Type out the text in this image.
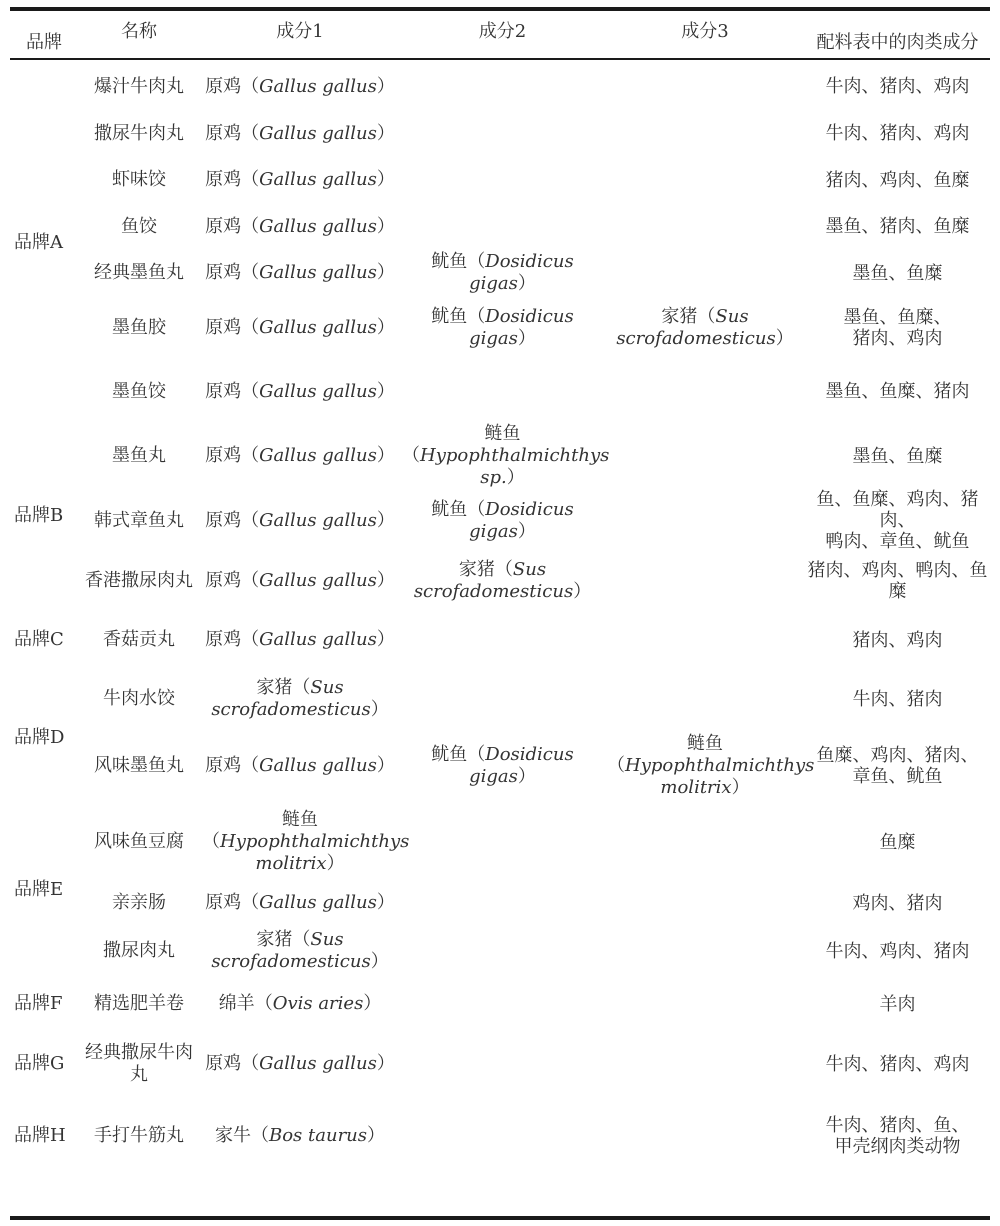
品牌	名称	成分1	成分2	成分3	配料表中的肉类成分
品牌A	爆汁牛肉丸	原鸡（Gallus gallus）			牛肉、猪肉、鸡肉
	撒尿牛肉丸	原鸡（Gallus gallus）			牛肉、猪肉、鸡肉
	虾味饺	原鸡（Gallus gallus）			猪肉、鸡肉、鱼糜
	鱼饺	原鸡（Gallus gallus）			墨鱼、猪肉、鱼糜
	经典墨鱼丸	原鸡（Gallus gallus）	鱿鱼（Dosidicus gigas）		墨鱼、鱼糜
	墨鱼胶	原鸡（Gallus gallus）	鱿鱼（Dosidicus gigas）	家猪（Sus scrofadomesticus）	墨鱼、鱼糜、
猪肉、鸡肉
	墨鱼饺	原鸡（Gallus gallus）			墨鱼、鱼糜、猪肉
品牌B	墨鱼丸	原鸡（Gallus gallus）	鲢鱼（Hypophthalmichthys sp.）		墨鱼、鱼糜
	韩式章鱼丸	原鸡（Gallus gallus）	鱿鱼（Dosidicus gigas）		鱼、鱼糜、鸡肉、猪肉、
鸭肉、章鱼、鱿鱼
	香港撒尿肉丸	原鸡（Gallus gallus）	家猪（Sus scrofadomesticus）		猪肉、鸡肉、鸭肉、鱼糜
品牌C	香菇贡丸	原鸡（Gallus gallus）			猪肉、鸡肉
品牌D	牛肉水饺	家猪（Sus scrofadomesticus）			牛肉、猪肉
	风味墨鱼丸	原鸡（Gallus gallus）	鱿鱼（Dosidicus gigas）	鲢鱼（Hypophthalmichthys molitrix）	鱼糜、鸡肉、猪肉、
章鱼、鱿鱼
品牌E	风味鱼豆腐	鲢鱼（Hypophthalmichthys molitrix）			鱼糜
	亲亲肠	原鸡（Gallus gallus）			鸡肉、猪肉
	撒尿肉丸	家猪（Sus scrofadomesticus）			牛肉、鸡肉、猪肉
品牌F	精选肥羊卷	绵羊（Ovis aries）			羊肉
品牌G	经典撒尿牛肉丸	原鸡（Gallus gallus）			牛肉、猪肉、鸡肉
品牌H	手打牛筋丸	家牛（Bos taurus）			牛肉、猪肉、鱼、
甲壳纲肉类动物
